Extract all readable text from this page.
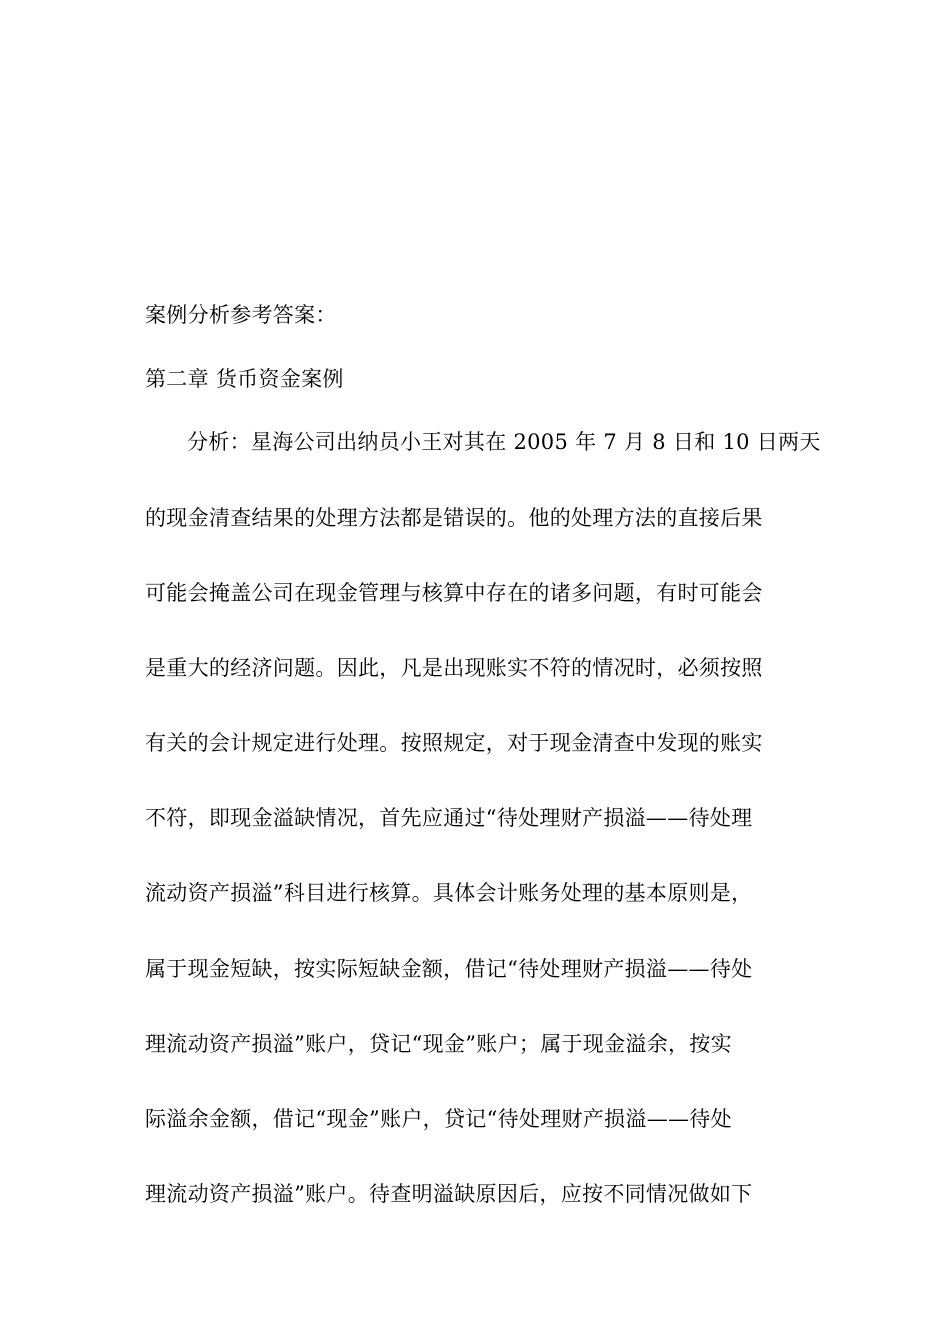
案例分析参考答案：
第二章 货币资金案例
分析：星海公司出纳员小王对其在 2005 年 7 月 8 日和 10 日两天
的现金清查结果的处理方法都是错误的。他的处理方法的直接后果
可能会掩盖公司在现金管理与核算中存在的诸多问题，有时可能会
是重大的经济问题。因此，凡是出现账实不符的情况时，必须按照
有关的会计规定进行处理。按照规定，对于现金清查中发现的账实
不符，即现金溢缺情况，首先应通过“待处理财产损溢——待处理
流动资产损溢”科目进行核算。具体会计账务处理的基本原则是，
属于现金短缺，按实际短缺金额，借记“待处理财产损溢——待处
理流动资产损溢”账户，贷记“现金”账户；属于现金溢余，按实
际溢余金额，借记“现金”账户，贷记“待处理财产损溢——待处
理流动资产损溢”账户。待查明溢缺原因后，应按不同情况做如下
